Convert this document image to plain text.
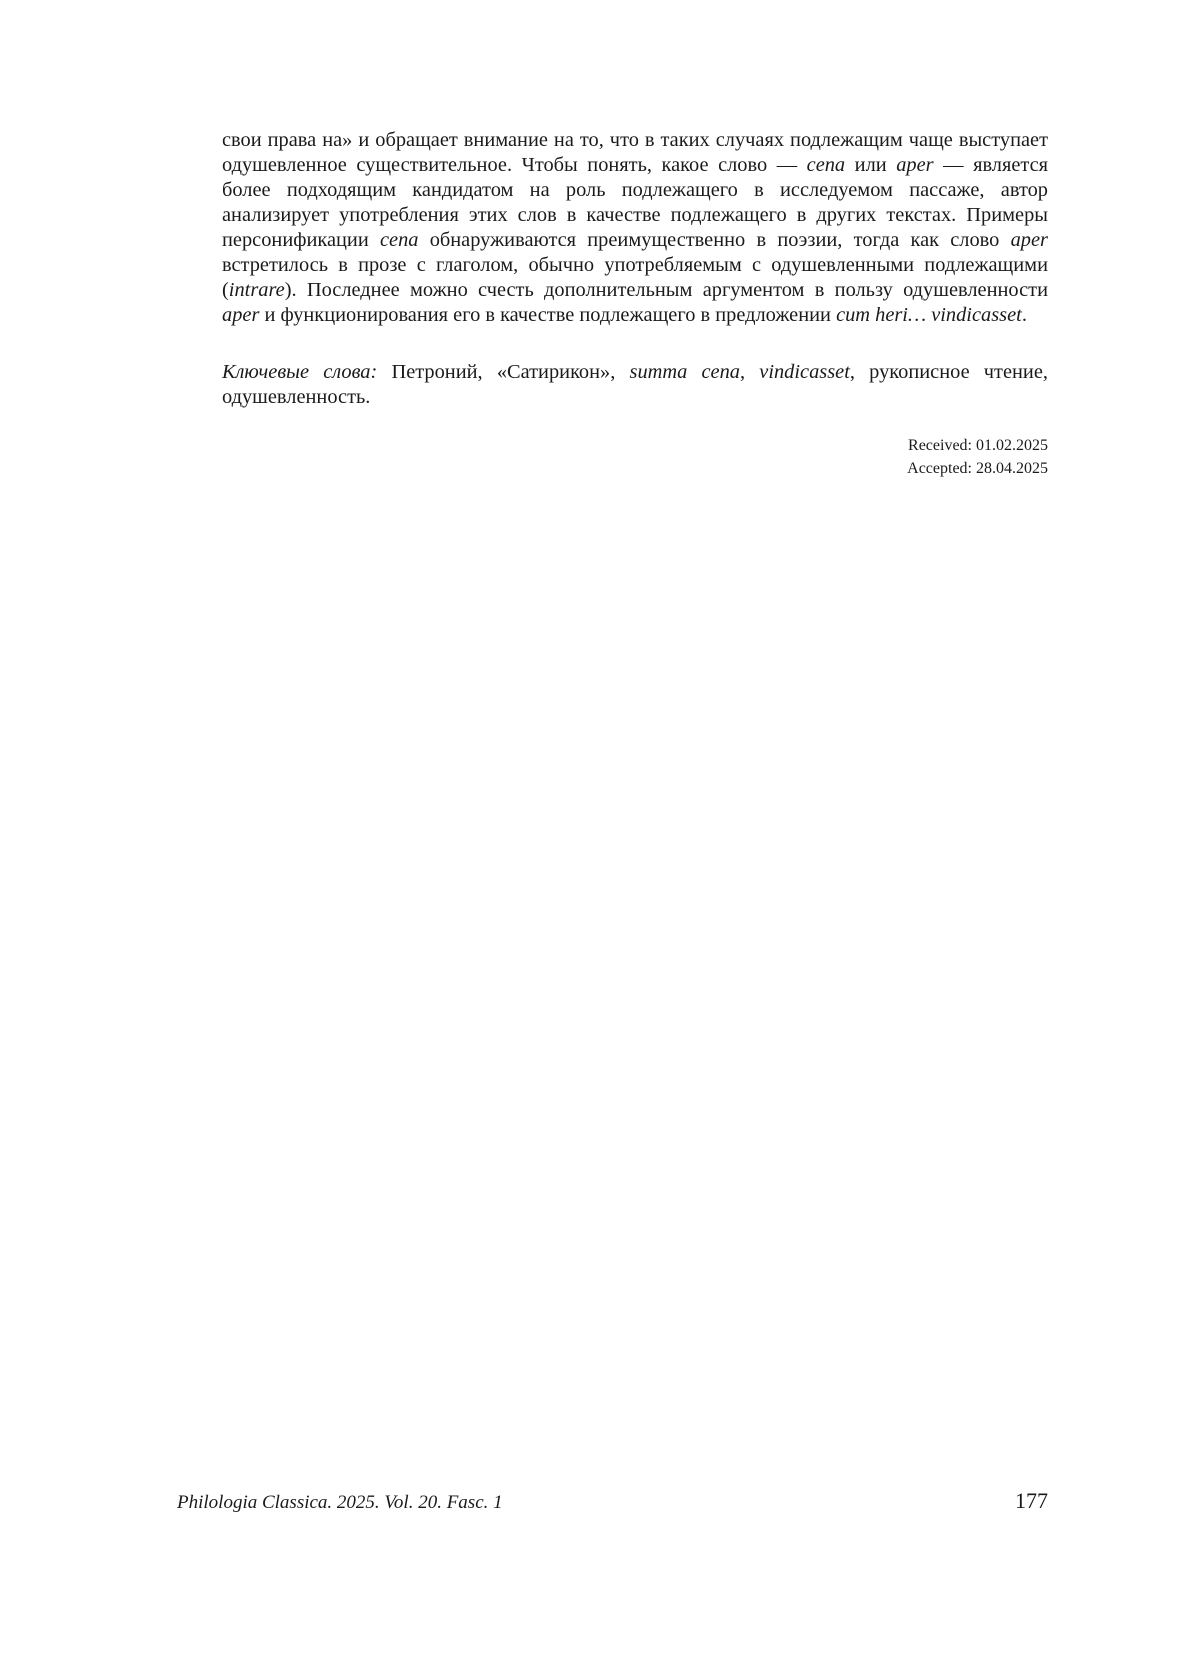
свои права на» и обращает внимание на то, что в таких случаях подлежащим чаще выступает одушевленное существительное. Чтобы понять, какое слово — cena или aper — является более подходящим кандидатом на роль подлежащего в исследуемом пассаже, автор анализирует употребления этих слов в качестве подлежащего в других текстах. Примеры персонификации cena обнаруживаются преимущественно в поэзии, тогда как слово aper встретилось в прозе с глаголом, обычно употребляемым с одушевленными подлежащими (intrare). Последнее можно счесть дополнительным аргументом в пользу одушевленности aper и функционирования его в качестве подлежащего в предложении cum heri… vindicasset.
Ключевые слова: Петроний, «Сатирикон», summa cena, vindicasset, рукописное чтение, одушевленность.
Received: 01.02.2025
Accepted: 28.04.2025
Philologia Classica. 2025. Vol. 20. Fasc. 1	177
